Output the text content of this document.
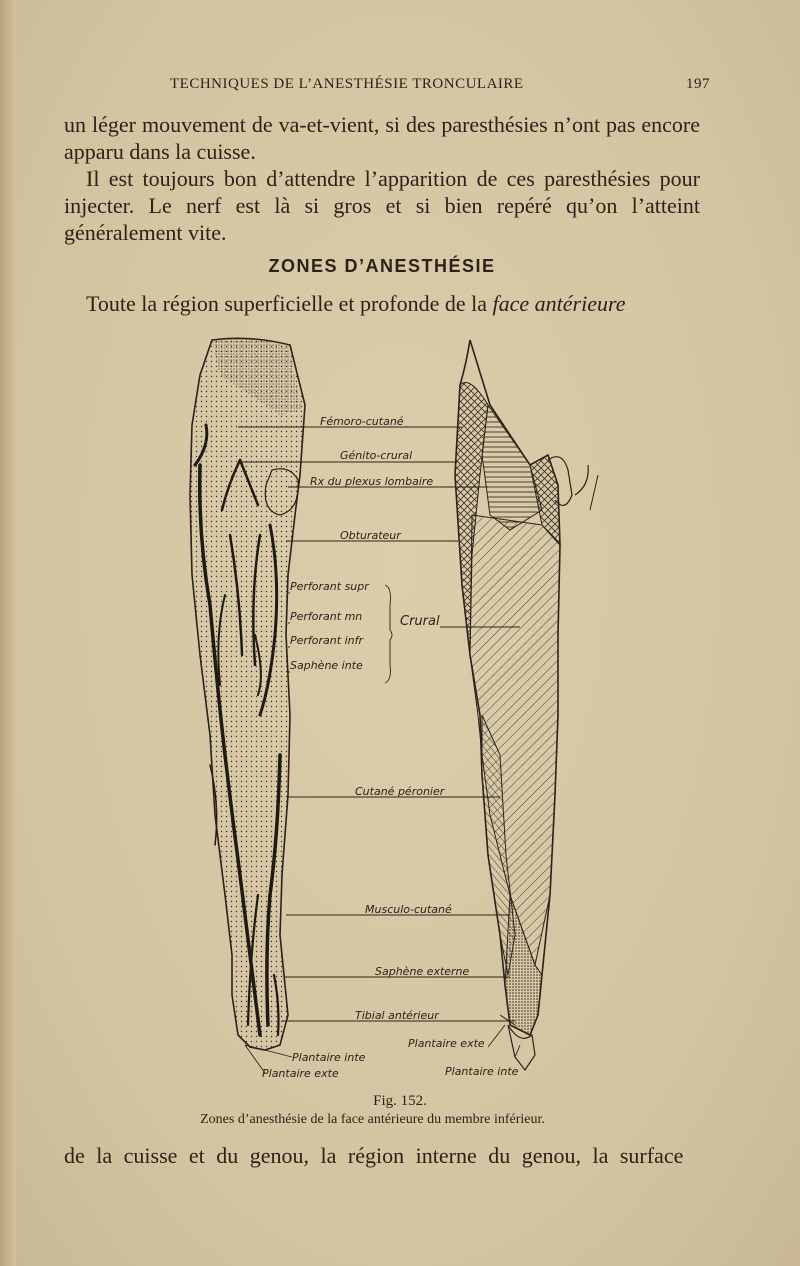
TECHNIQUES DE L’ANESTHÉSIE TRONCULAIRE	197

un léger mouvement de va-et-vient, si des paresthésies n’ont pas encore apparu dans la cuisse.

Il est toujours bon d’attendre l’apparition de ces paresthésies pour injecter. Le nerf est là si gros et si bien repéré qu’on l’atteint généralement vite.

ZONES D’ANESTHÉSIE

Toute la région superficielle et profonde de la face antérieure

Fémoro-cutané
Génito-crural
Rx du plexus lombaire
Obturateur
Perforant supr
Perforant mn
Perforant infr
Saphène inte
Crural
Cutané péronier
Musculo-cutané
Saphène externe
Tibial antérieur
Plantaire inte
Plantaire exte
Plantaire exte
Plantaire inte
Fig. 152.
Zones d’anesthésie de la face antérieure du membre inférieur.

de la cuisse et du genou, la région interne du genou, la surface
